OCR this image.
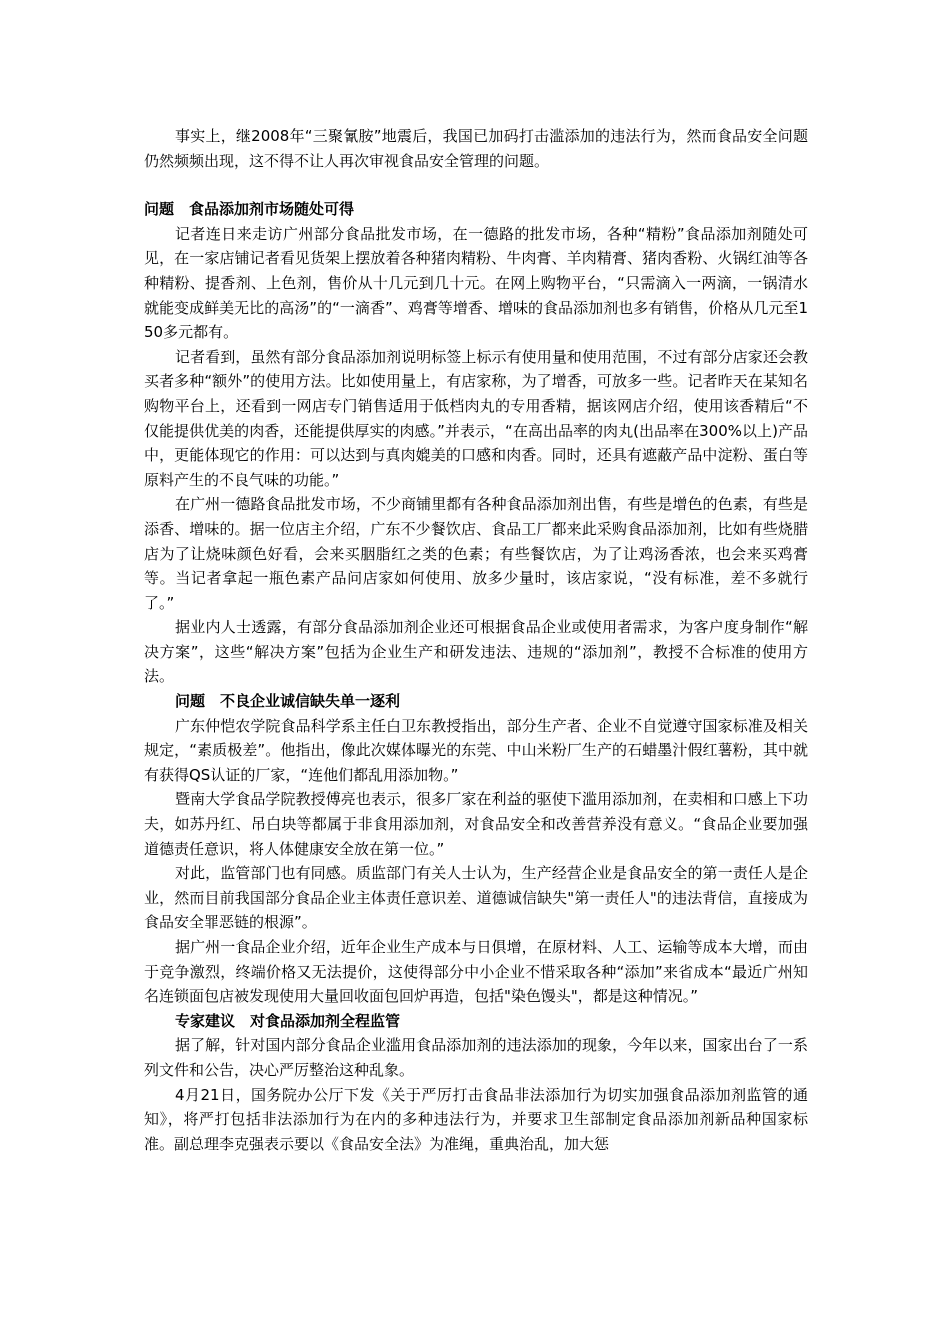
事实上，继2008年“三聚氰胺”地震后，我国已加码打击滥添加的违法行为，然而食品安全问题仍然频频出现，这不得不让人再次审视食品安全管理的问题。

问题　食品添加剂市场随处可得

记者连日来走访广州部分食品批发市场，在一德路的批发市场，各种“精粉”食品添加剂随处可见，在一家店铺记者看见货架上摆放着各种猪肉精粉、牛肉膏、羊肉精膏、猪肉香粉、火锅红油等各种精粉、提香剂、上色剂，售价从十几元到几十元。在网上购物平台，“只需滴入一两滴，一锅清水就能变成鲜美无比的高汤”的“一滴香”、鸡膏等增香、增味的食品添加剂也多有销售，价格从几元至150多元都有。

记者看到，虽然有部分食品添加剂说明标签上标示有使用量和使用范围，不过有部分店家还会教买者多种“额外”的使用方法。比如使用量上，有店家称，为了增香，可放多一些。记者昨天在某知名购物平台上，还看到一网店专门销售适用于低档肉丸的专用香精，据该网店介绍，使用该香精后“不仅能提供优美的肉香，还能提供厚实的肉感。”并表示，“在高出品率的肉丸(出品率在300%以上)产品中，更能体现它的作用：可以达到与真肉媲美的口感和肉香。同时，还具有遮蔽产品中淀粉、蛋白等原料产生的不良气味的功能。”

在广州一德路食品批发市场，不少商铺里都有各种食品添加剂出售，有些是增色的色素，有些是添香、增味的。据一位店主介绍，广东不少餐饮店、食品工厂都来此采购食品添加剂，比如有些烧腊店为了让烧味颜色好看，会来买胭脂红之类的色素；有些餐饮店，为了让鸡汤香浓，也会来买鸡膏等。当记者拿起一瓶色素产品问店家如何使用、放多少量时，该店家说，“没有标准，差不多就行了。”

据业内人士透露，有部分食品添加剂企业还可根据食品企业或使用者需求，为客户度身制作“解决方案”，这些“解决方案”包括为企业生产和研发违法、违规的“添加剂”，教授不合标准的使用方法。

问题　不良企业诚信缺失单一逐利

广东仲恺农学院食品科学系主任白卫东教授指出，部分生产者、企业不自觉遵守国家标准及相关规定，“素质极差”。他指出，像此次媒体曝光的东莞、中山米粉厂生产的石蜡墨汁假红薯粉，其中就有获得QS认证的厂家，“连他们都乱用添加物。”

暨南大学食品学院教授傅亮也表示，很多厂家在利益的驱使下滥用添加剂，在卖相和口感上下功夫，如苏丹红、吊白块等都属于非食用添加剂，对食品安全和改善营养没有意义。“食品企业要加强道德责任意识，将人体健康安全放在第一位。”

对此，监管部门也有同感。质监部门有关人士认为，生产经营企业是食品安全的第一责任人是企业，然而目前我国部分食品企业主体责任意识差、道德诚信缺失"第一责任人"的违法背信，直接成为食品安全罪恶链的根源”。

据广州一食品企业介绍，近年企业生产成本与日俱增，在原材料、人工、运输等成本大增，而由于竞争激烈，终端价格又无法提价，这使得部分中小企业不惜采取各种“添加”来省成本“最近广州知名连锁面包店被发现使用大量回收面包回炉再造，包括"染色馒头"，都是这种情况。”

专家建议　对食品添加剂全程监管

据了解，针对国内部分食品企业滥用食品添加剂的违法添加的现象，今年以来，国家出台了一系列文件和公告，决心严厉整治这种乱象。

4月21日，国务院办公厅下发《关于严厉打击食品非法添加行为切实加强食品添加剂监管的通知》，将严打包括非法添加行为在内的多种违法行为，并要求卫生部制定食品添加剂新品种国家标准。副总理李克强表示要以《食品安全法》为准绳，重典治乱，加大惩
